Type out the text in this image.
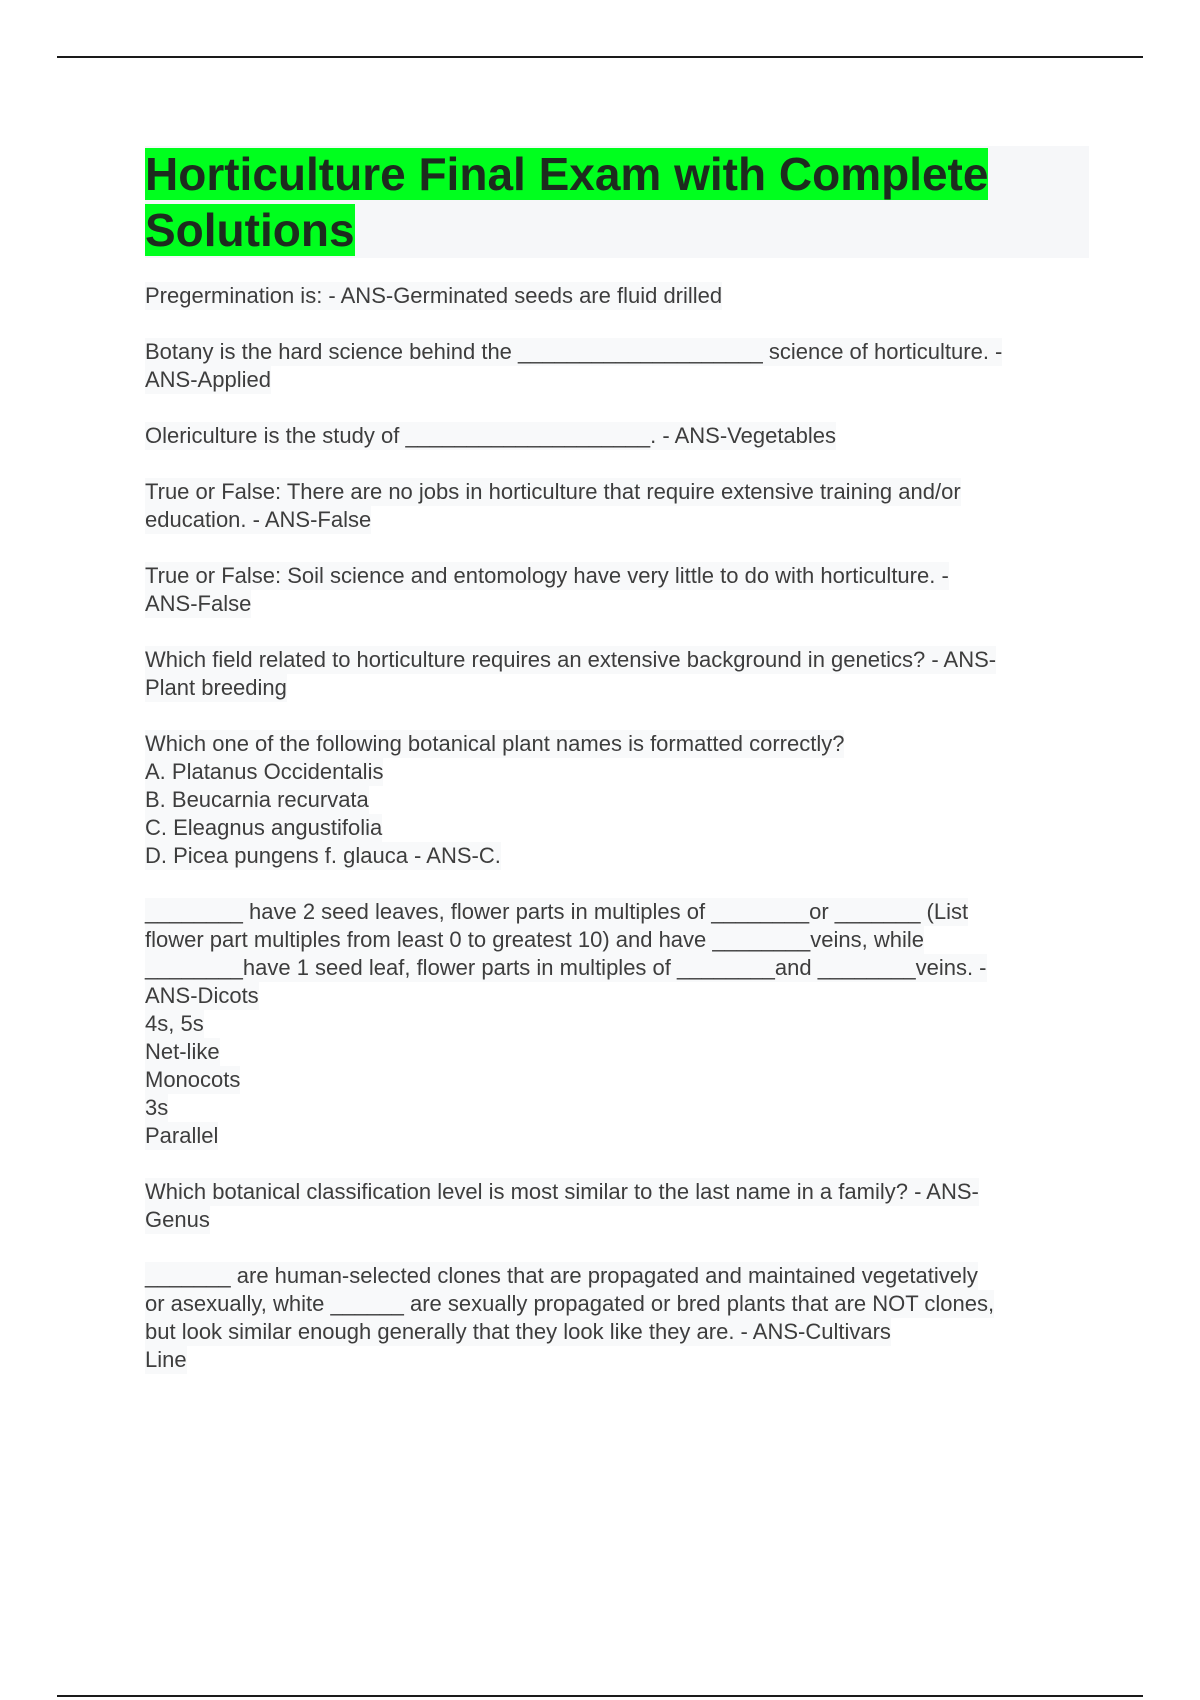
Horticulture Final Exam with Complete Solutions
Pregermination is: - ANS-Germinated seeds are fluid drilled
Botany is the hard science behind the ____________________ science of horticulture. -
ANS-Applied
Olericulture is the study of ____________________. - ANS-Vegetables
True or False: There are no jobs in horticulture that require extensive training and/or
education. - ANS-False
True or False: Soil science and entomology have very little to do with horticulture. -
ANS-False
Which field related to horticulture requires an extensive background in genetics? - ANS-
Plant breeding
Which one of the following botanical plant names is formatted correctly?
A. Platanus Occidentalis
B. Beucarnia recurvata
C. Eleagnus angustifolia
D. Picea pungens f. glauca - ANS-C.
________ have 2 seed leaves, flower parts in multiples of ________or _______ (List
flower part multiples from least 0 to greatest 10) and have ________veins, while
________have 1 seed leaf, flower parts in multiples of ________and ________veins. -
ANS-Dicots
4s, 5s
Net-like
Monocots
3s
Parallel
Which botanical classification level is most similar to the last name in a family? - ANS-
Genus
_______ are human-selected clones that are propagated and maintained vegetatively
or asexually, white ______ are sexually propagated or bred plants that are NOT clones,
but look similar enough generally that they look like they are. - ANS-Cultivars
Line
